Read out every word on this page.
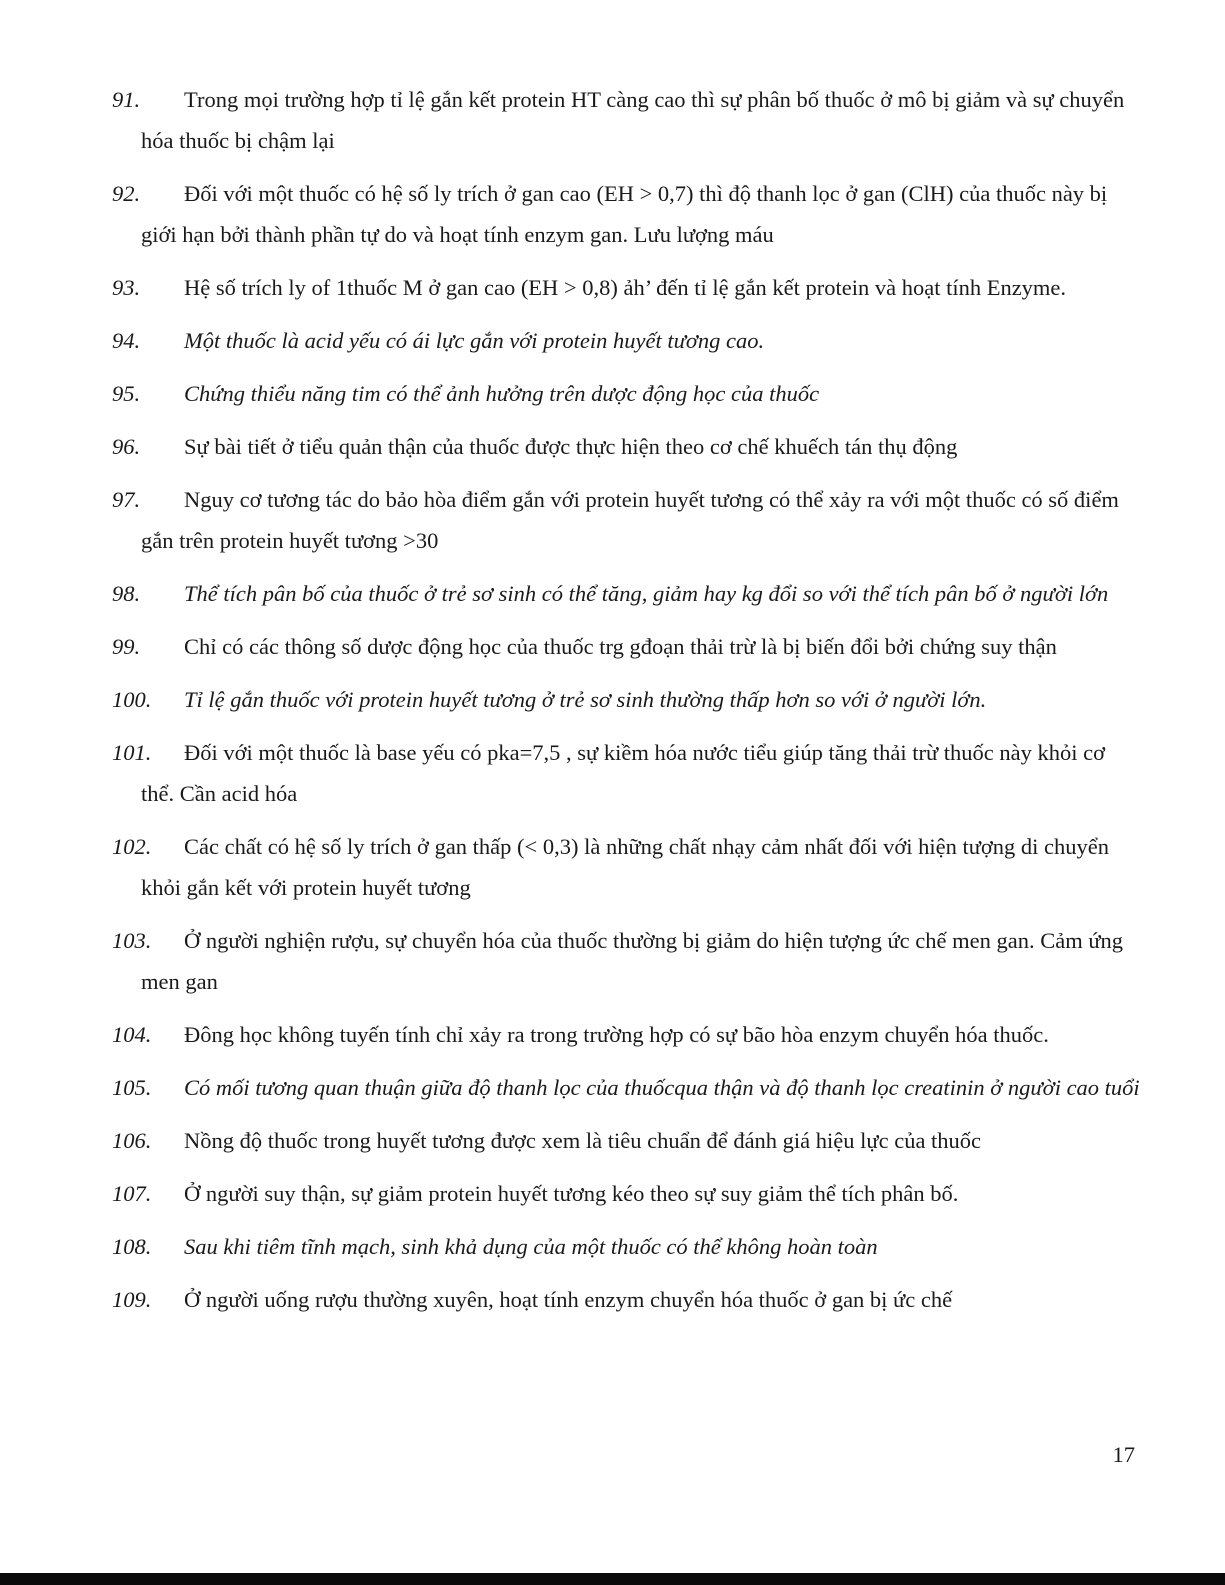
91. Trong mọi trường hợp tỉ lệ gắn kết protein HT càng cao thì sự phân bố thuốc ở mô bị giảm và sự chuyển hóa thuốc bị chậm lại
92. Đối với một thuốc có hệ số ly trích ở gan cao (EH > 0,7) thì độ thanh lọc ở gan (ClH) của thuốc này bị giới hạn bởi thành phần tự do và hoạt tính enzym gan. Lưu lượng máu
93. Hệ số trích ly of 1thuốc M ở gan cao (EH > 0,8) ảh’ đến tỉ lệ gắn kết protein và hoạt tính Enzyme.
94. Một thuốc là acid yếu có ái lực gắn với protein huyết tương cao.
95. Chứng thiểu năng tim có thể ảnh hưởng trên dược động học của thuốc
96. Sự bài tiết ở tiểu quản thận của thuốc được thực hiện theo cơ chế khuếch tán thụ động
97. Nguy cơ tương tác do bảo hòa điểm gắn với protein huyết tương có thể xảy ra với một thuốc có số điểm gắn trên protein huyết tương >30
98. Thể tích pân bố của thuốc ở trẻ sơ sinh có thể tăng, giảm hay kg đổi so với thể tích pân bố ở người lớn
99. Chỉ có các thông số dược động học của thuốc trg gđoạn thải trừ là bị biến đổi bởi chứng suy thận
100. Tỉ lệ gắn thuốc với protein huyết tương ở trẻ sơ sinh thường thấp hơn so với ở người lớn.
101. Đối với một thuốc là base yếu có pka=7,5 , sự kiềm hóa nước tiểu giúp tăng thải trừ thuốc này khỏi cơ thể. Cần acid hóa
102. Các chất có hệ số ly trích ở gan thấp (< 0,3) là những chất nhạy cảm nhất đối với hiện tượng di chuyển khỏi gắn kết với protein huyết tương
103. Ở người nghiện rượu, sự chuyển hóa của thuốc thường bị giảm do hiện tượng ức chế men gan. Cảm ứng men gan
104. Đông học không tuyến tính chỉ xảy ra trong trường hợp có sự bão hòa enzym chuyển hóa thuốc.
105. Có mối tương quan thuận giữa độ thanh lọc của thuốcqua thận và độ thanh lọc creatinin ở người cao tuổi
106. Nồng độ thuốc trong huyết tương được xem là tiêu chuẩn để đánh giá hiệu lực của thuốc
107. Ở người suy thận, sự giảm protein huyết tương kéo theo sự suy giảm thể tích phân bố.
108. Sau khi tiêm tĩnh mạch, sinh khả dụng của một thuốc có thể không hoàn toàn
109. Ở người uống rượu thường xuyên, hoạt tính enzym chuyển hóa thuốc ở gan bị ức chế
17
